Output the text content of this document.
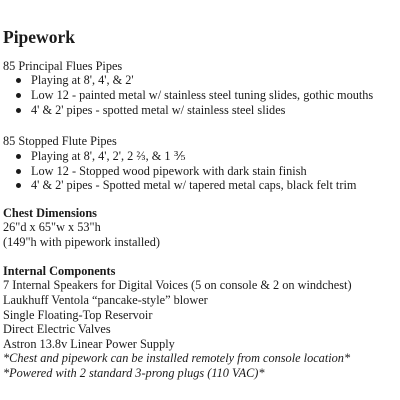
Pipework
85 Principal Flues Pipes
Playing at 8', 4', & 2'
Low 12 - painted metal w/ stainless steel tuning slides, gothic mouths
4' & 2' pipes - spotted metal w/ stainless steel slides
85 Stopped Flute Pipes
Playing at 8', 4', 2', 2 ⅔, & 1 ⅗
Low 12 - Stopped wood pipework with dark stain finish
4' & 2' pipes - Spotted metal w/ tapered metal caps, black felt trim
Chest Dimensions
26"d x 65"w x 53"h
(149"h with pipework installed)
Internal Components
7 Internal Speakers for Digital Voices (5 on console & 2 on windchest)
Laukhuff Ventola “pancake-style” blower
Single Floating-Top Reservoir
Direct Electric Valves
Astron 13.8v Linear Power Supply
*Chest and pipework can be installed remotely from console location*
*Powered with 2 standard 3-prong plugs (110 VAC)*
